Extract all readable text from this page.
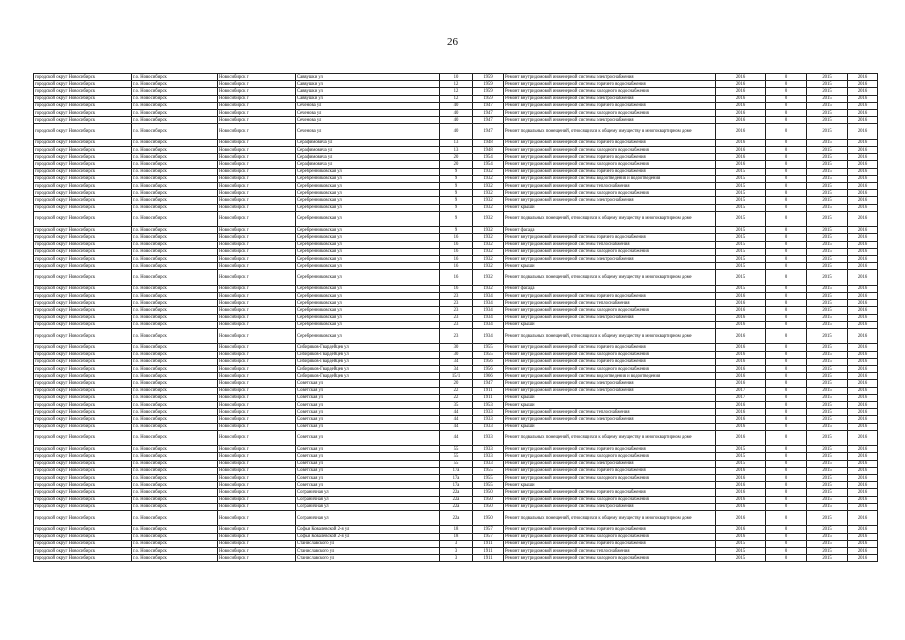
26
городской округ Новосибирск	г.о. Новосибирск	Новосибирск г	Саввушки ул	10	1959	Ремонт внутридомовой инженерной системы электроснабжения	2016	0	2015	2016
городской округ Новосибирск	г.о. Новосибирск	Новосибирск г	Саввушки ул	12	1959	Ремонт внутридомовой инженерной системы горячего водоснабжения	2016	0	2015	2016
городской округ Новосибирск	г.о. Новосибирск	Новосибирск г	Саввушки ул	12	1959	Ремонт внутридомовой инженерной системы холодного водоснабжения	2016	0	2015	2016
городской округ Новосибирск	г.о. Новосибирск	Новосибирск г	Саввушки ул	12	1959	Ремонт внутридомовой инженерной системы электроснабжения	2016	0	2015	2016
городской округ Новосибирск	г.о. Новосибирск	Новосибирск г	Сеченова ул	40	1947	Ремонт внутридомовой инженерной системы горячего водоснабжения	2016	0	2015	2016
городской округ Новосибирск	г.о. Новосибирск	Новосибирск г	Сеченова ул	40	1947	Ремонт внутридомовой инженерной системы холодного водоснабжения	2016	0	2015	2016
городской округ Новосибирск	г.о. Новосибирск	Новосибирск г	Сеченова ул	40	1947	Ремонт внутридомовой инженерной системы электроснабжения	2016	0	2015	2016
городской округ Новосибирск	г.о. Новосибирск	Новосибирск г	Сеченова ул	40	1947	Ремонт подвальных помещений, относящихся к общему имуществу в многоквартирном доме	2016	0	2015	2016
городской округ Новосибирск	г.о. Новосибирск	Новосибирск г	Серафимовича ул	13	1948	Ремонт внутридомовой инженерной системы горячего водоснабжения	2016	0	2015	2016
городской округ Новосибирск	г.о. Новосибирск	Новосибирск г	Серафимовича ул	13	1948	Ремонт внутридомовой инженерной системы холодного водоснабжения	2016	0	2015	2016
городской округ Новосибирск	г.о. Новосибирск	Новосибирск г	Серафимовича ул	20	1954	Ремонт внутридомовой инженерной системы горячего водоснабжения	2016	0	2015	2016
городской округ Новосибирск	г.о. Новосибирск	Новосибирск г	Серафимовича ул	20	1954	Ремонт внутридомовой инженерной системы холодного водоснабжения	2016	0	2015	2016
городской округ Новосибирск	г.о. Новосибирск	Новосибирск г	Серебренниковская ул	9	1932	Ремонт внутридомовой инженерной системы горячего водоснабжения	2015	0	2015	2016
городской округ Новосибирск	г.о. Новосибирск	Новосибирск г	Серебренниковская ул	9	1932	Ремонт внутридомовой инженерной системы водоотведения и водоотведения	2015	0	2015	2016
городской округ Новосибирск	г.о. Новосибирск	Новосибирск г	Серебренниковская ул	9	1932	Ремонт внутридомовой инженерной системы теплоснабжения	2015	0	2015	2016
городской округ Новосибирск	г.о. Новосибирск	Новосибирск г	Серебренниковская ул	9	1932	Ремонт внутридомовой инженерной системы холодного водоснабжения	2015	0	2015	2016
городской округ Новосибирск	г.о. Новосибирск	Новосибирск г	Серебренниковская ул	9	1932	Ремонт внутридомовой инженерной системы электроснабжения	2015	0	2015	2016
городской округ Новосибирск	г.о. Новосибирск	Новосибирск г	Серебренниковская ул	9	1932	Ремонт крыши	2015	0	2015	2016
городской округ Новосибирск	г.о. Новосибирск	Новосибирск г	Серебренниковская ул	9	1932	Ремонт подвальных помещений, относящихся к общему имуществу в многоквартирном доме	2015	0	2015	2016
городской округ Новосибирск	г.о. Новосибирск	Новосибирск г	Серебренниковская ул	9	1932	Ремонт фасада	2015	0	2015	2016
городской округ Новосибирск	г.о. Новосибирск	Новосибирск г	Серебренниковская ул	16	1932	Ремонт внутридомовой инженерной системы горячего водоснабжения	2015	0	2015	2016
городской округ Новосибирск	г.о. Новосибирск	Новосибирск г	Серебренниковская ул	16	1932	Ремонт внутридомовой инженерной системы теплоснабжения	2015	0	2015	2016
городской округ Новосибирск	г.о. Новосибирск	Новосибирск г	Серебренниковская ул	16	1932	Ремонт внутридомовой инженерной системы холодного водоснабжения	2015	0	2015	2016
городской округ Новосибирск	г.о. Новосибирск	Новосибирск г	Серебренниковская ул	16	1932	Ремонт внутридомовой инженерной системы электроснабжения	2015	0	2015	2016
городской округ Новосибирск	г.о. Новосибирск	Новосибирск г	Серебренниковская ул	16	1932	Ремонт крыши	2015	0	2015	2016
городской округ Новосибирск	г.о. Новосибирск	Новосибирск г	Серебренниковская ул	16	1932	Ремонт подвальных помещений, относящихся к общему имуществу в многоквартирном доме	2015	0	2015	2016
городской округ Новосибирск	г.о. Новосибирск	Новосибирск г	Серебренниковская ул	16	1932	Ремонт фасада	2015	0	2015	2016
городской округ Новосибирск	г.о. Новосибирск	Новосибирск г	Серебренниковская ул	23	1934	Ремонт внутридомовой инженерной системы горячего водоснабжения	2016	0	2015	2016
городской округ Новосибирск	г.о. Новосибирск	Новосибирск г	Серебренниковская ул	23	1934	Ремонт внутридомовой инженерной системы теплоснабжения	2016	0	2015	2016
городской округ Новосибирск	г.о. Новосибирск	Новосибирск г	Серебренниковская ул	23	1934	Ремонт внутридомовой инженерной системы холодного водоснабжения	2016	0	2015	2016
городской округ Новосибирск	г.о. Новосибирск	Новосибирск г	Серебренниковская ул	23	1934	Ремонт внутридомовой инженерной системы электроснабжения	2016	0	2015	2016
городской округ Новосибирск	г.о. Новосибирск	Новосибирск г	Серебренниковская ул	23	1934	Ремонт крыши	2016	0	2015	2016
городской округ Новосибирск	г.о. Новосибирск	Новосибирск г	Серебренниковская ул	23	1934	Ремонт подвальных помещений, относящихся к общему имуществу в многоквартирном доме	2016	0	2015	2016
городской округ Новосибирск	г.о. Новосибирск	Новосибирск г	Сибиряков-Гвардейцев ул	30	1955	Ремонт внутридомовой инженерной системы горячего водоснабжения	2016	0	2015	2016
городской округ Новосибирск	г.о. Новосибирск	Новосибирск г	Сибиряков-Гвардейцев ул	30	1955	Ремонт внутридомовой инженерной системы холодного водоснабжения	2016	0	2015	2016
городской округ Новосибирск	г.о. Новосибирск	Новосибирск г	Сибиряков-Гвардейцев ул	34	1956	Ремонт внутридомовой инженерной системы горячего водоснабжения	2016	0	2015	2016
городской округ Новосибирск	г.о. Новосибирск	Новосибирск г	Сибиряков-Гвардейцев ул	34	1956	Ремонт внутридомовой инженерной системы холодного водоснабжения	2016	0	2015	2016
городской округ Новосибирск	г.о. Новосибирск	Новосибирск г	Сибиряков-Гвардейцев ул	15/1	1966	Ремонт внутридомовой инженерной системы водоотведения и водоотведения	2016	0	2015	2016
городской округ Новосибирск	г.о. Новосибирск	Новосибирск г	Советская ул	20	1947	Ремонт внутридомовой инженерной системы электроснабжения	2016	0	2015	2016
городской округ Новосибирск	г.о. Новосибирск	Новосибирск г	Советская ул	22	1911	Ремонт внутридомовой инженерной системы электроснабжения	2017	0	2015	2016
городской округ Новосибирск	г.о. Новосибирск	Новосибирск г	Советская ул	22	1911	Ремонт крыши	2017	0	2015	2016
городской округ Новосибирск	г.о. Новосибирск	Новосибирск г	Советская ул	35	1953	Ремонт крыши	2016	0	2015	2016
городской округ Новосибирск	г.о. Новосибирск	Новосибирск г	Советская ул	44	1933	Ремонт внутридомовой инженерной системы теплоснабжения	2016	0	2015	2016
городской округ Новосибирск	г.о. Новосибирск	Новосибирск г	Советская ул	44	1933	Ремонт внутридомовой инженерной системы электроснабжения	2016	0	2015	2016
городской округ Новосибирск	г.о. Новосибирск	Новосибирск г	Советская ул	44	1933	Ремонт крыши	2016	0	2015	2016
городской округ Новосибирск	г.о. Новосибирск	Новосибирск г	Советская ул	44	1933	Ремонт подвальных помещений, относящихся к общему имуществу в многоквартирном доме	2016	0	2015	2016
городской округ Новосибирск	г.о. Новосибирск	Новосибирск г	Советская ул	55	1933	Ремонт внутридомовой инженерной системы горячего водоснабжения	2015	0	2015	2016
городской округ Новосибирск	г.о. Новосибирск	Новосибирск г	Советская ул	55	1933	Ремонт внутридомовой инженерной системы холодного водоснабжения	2015	0	2015	2016
городской округ Новосибирск	г.о. Новосибирск	Новосибирск г	Советская ул	55	1933	Ремонт внутридомовой инженерной системы электроснабжения	2015	0	2015	2016
городской округ Новосибирск	г.о. Новосибирск	Новосибирск г	Советская ул	17а	1955	Ремонт внутридомовой инженерной системы горячего водоснабжения	2016	0	2015	2016
городской округ Новосибирск	г.о. Новосибирск	Новосибирск г	Советская ул	17а	1955	Ремонт внутридомовой инженерной системы холодного водоснабжения	2016	0	2015	2016
городской округ Новосибирск	г.о. Новосибирск	Новосибирск г	Советская ул	17а	1955	Ремонт крыши	2016	0	2015	2016
городской округ Новосибирск	г.о. Новосибирск	Новосибирск г	Сограничная ул	22а	1950	Ремонт внутридомовой инженерной системы горячего водоснабжения	2016	0	2015	2016
городской округ Новосибирск	г.о. Новосибирск	Новосибирск г	Сограничная ул	22а	1950	Ремонт внутридомовой инженерной системы холодного водоснабжения	2016	0	2015	2016
городской округ Новосибирск	г.о. Новосибирск	Новосибирск г	Сограничная ул	22а	1950	Ремонт внутридомовой инженерной системы электроснабжения	2016	0	2015	2016
городской округ Новосибирск	г.о. Новосибирск	Новосибирск г	Сограничная ул	22а	1950	Ремонт подвальных помещений, относящихся к общему имуществу в многоквартирном доме	2016	0	2015	2016
городской округ Новосибирск	г.о. Новосибирск	Новосибирск г	Софьи Ковалевской 2-я ул	18	1957	Ремонт внутридомовой инженерной системы горячего водоснабжения	2016	0	2015	2016
городской округ Новосибирск	г.о. Новосибирск	Новосибирск г	Софьи Ковалевской 2-я ул	18	1957	Ремонт внутридомовой инженерной системы холодного водоснабжения	2016	0	2015	2016
городской округ Новосибирск	г.о. Новосибирск	Новосибирск г	Станиславского ул	3	1911	Ремонт внутридомовой инженерной системы горячего водоснабжения	2015	0	2015	2016
городской округ Новосибирск	г.о. Новосибирск	Новосибирск г	Станиславского ул	3	1911	Ремонт внутридомовой инженерной системы теплоснабжения	2015	0	2015	2016
городской округ Новосибирск	г.о. Новосибирск	Новосибирск г	Станиславского ул	3	1911	Ремонт внутридомовой инженерной системы холодного водоснабжения	2015	0	2015	2016
